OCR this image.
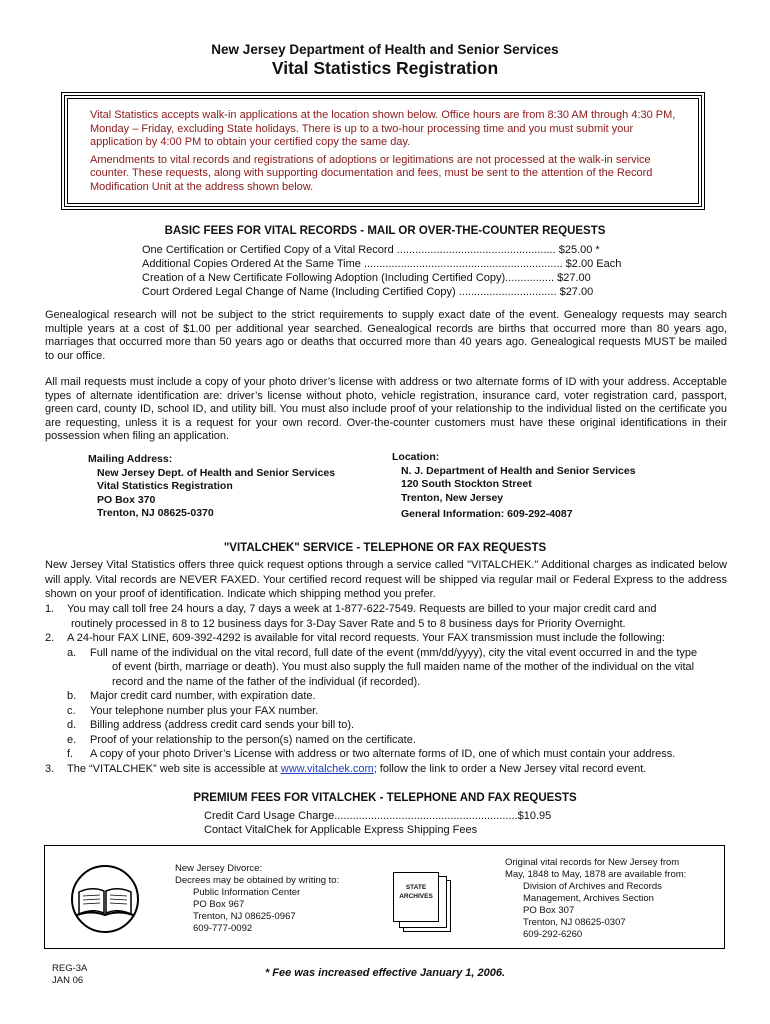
New Jersey Department of Health and Senior Services
Vital Statistics Registration

Vital Statistics accepts walk-in applications at the location shown below. Office hours are from 8:30 AM through 4:30 PM, Monday – Friday, excluding State holidays. There is up to a two-hour processing time and you must submit your application by 4:00 PM to obtain your certified copy the same day.

Amendments to vital records and registrations of adoptions or legitimations are not processed at the walk-in service counter. These requests, along with supporting documentation and fees, must be sent to the attention of the Record Modification Unit at the address shown below.

BASIC FEES FOR VITAL RECORDS - MAIL OR OVER-THE-COUNTER REQUESTS
One Certification or Certified Copy of a Vital Record .................................................... $25.00 *
Additional Copies Ordered At the Same Time ................................................................. $2.00 Each
Creation of a New Certificate Following Adoption (Including Certified Copy)................ $27.00
Court Ordered Legal Change of Name (Including Certified Copy) ................................ $27.00
Genealogical research will not be subject to the strict requirements to supply exact date of the event. Genealogy requests may search multiple years at a cost of $1.00 per additional year searched. Genealogical records are births that occurred more than 80 years ago, marriages that occurred more than 50 years ago or deaths that occurred more than 40 years ago. Genealogical requests MUST be mailed to our office.
All mail requests must include a copy of your photo driver’s license with address or two alternate forms of ID with your address. Acceptable types of alternate identification are: driver’s license without photo, vehicle registration, insurance card, voter registration card, passport, green card, county ID, school ID, and utility bill. You must also include proof of your relationship to the individual listed on the certificate you are requesting, unless it is a request for your own record. Over-the-counter customers must have these original identifications in their possession when filing an application.
Mailing Address:
New Jersey Dept. of Health and Senior Services
Vital Statistics Registration
PO Box 370
Trenton, NJ 08625-0370
Location:
N. J. Department of Health and Senior Services
120 South Stockton Street
Trenton, New Jersey
General Information: 609-292-4087
"VITALCHEK" SERVICE - TELEPHONE OR FAX REQUESTS
New Jersey Vital Statistics offers three quick request options through a service called "VITALCHEK." Additional charges as indicated below will apply. Vital records are NEVER FAXED. Your certified record request will be shipped via regular mail or Federal Express to the address shown on your proof of identification. Indicate which shipping method you prefer.
1. You may call toll free 24 hours a day, 7 days a week at 1-877-622-7549. Requests are billed to your major credit card and
routinely processed in 8 to 12 business days for 3-Day Saver Rate and 5 to 8 business days for Priority Overnight.
2. A 24-hour FAX LINE, 609-392-4292 is available for vital record requests. Your FAX transmission must include the following:
a. Full name of the individual on the vital record, full date of the event (mm/dd/yyyy), city the vital event occurred in and the type
of event (birth, marriage or death). You must also supply the full maiden name of the mother of the individual on the vital
record and the name of the father of the individual (if recorded).
b. Major credit card number, with expiration date.
c. Your telephone number plus your FAX number.
d. Billing address (address credit card sends your bill to).
e. Proof of your relationship to the person(s) named on the certificate.
f. A copy of your photo Driver’s License with address or two alternate forms of ID, one of which must contain your address.
3. The “VITALCHEK” web site is accessible at www.vitalchek.com; follow the link to order a New Jersey vital record event.
PREMIUM FEES FOR VITALCHEK - TELEPHONE AND FAX REQUESTS
Credit Card Usage Charge............................................................$10.95
Contact VitalChek for Applicable Express Shipping Fees
New Jersey Divorce:
Decrees may be obtained by writing to:
Public Information Center
PO Box 967
Trenton, NJ 08625-0967
609-777-0092
STATE
ARCHIVES
Original vital records for New Jersey from
May, 1848 to May, 1878 are available from:
Division of Archives and Records
Management, Archives Section
PO Box 307
Trenton, NJ 08625-0307
609-292-6260
REG-3A
JAN 06
* Fee was increased effective January 1, 2006.
